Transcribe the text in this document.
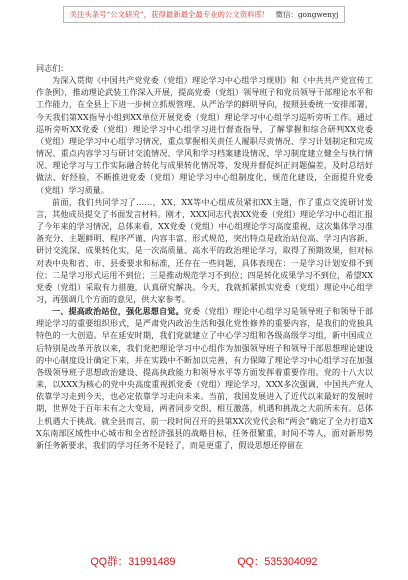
关注头条号“公文研究”，获得最新最全最专业的公文资料库！ 微信：gongwenyj

同志们：

为深入贯彻《中国共产党党委（党组）理论学习中心组学习规则》和《中共共产党宣传工作条例》，推动理论武装工作深入开展，提高党委（党组）领导班子和党员领导干部理论水平和工作能力，在全县上下进一步树立抓规管理、从严治学的鲜明导向，按照县委统一安排部署，今天我们第XX指导小组到XX单位开展党委（党组）理论学习中心组学习巡听旁听工作。通过巡听旁听XX党委（党组）理论学习中心组学习进行督查指导，了解掌握和综合研判XX党委（党组）理论学习中心组学习情况，重点掌握相关责任人履职尽责情况、学习计划制定和完成情况、重点内容学习与研讨交流情况、学风和学习档案建设情况、学习制度建立健全与执行情况、理论学习与工作实际融合转化与成果转化情况等，发现并督促纠正问题偏差，及时总结好做法、好经验，不断推进党委（党组）理论学习中心组制度化、规范化建设，全面提升党委（党组）学习质量。

前面，我们共同学习了……，XX、XX等中心组成员紧扣XX主题，作了重点交流研讨发言，其他成员提交了书面发言材料。刚才，XXX同志代表XX党委（党组）理论学习中心组汇报了今年来的学习情况，总体来看，XX党委（党组）中心组理论学习高度重视，这次集体学习准备充分、主题鲜明、程序严谨、内容丰富、形式规范，突出特点是政治站位高、学习内容新、研讨交流深、成果转化实，是一次高质量、高水平的政治理论学习，取得了预期效果，但对标对表中央和省、市、县委要求和标准，还存在一些问题，具体表现在：一是学习计划安排不到位；二是学习形式运用不到位；三是推动规范学习不到位；四是转化成果学习不到位，希望XX党委（党组）采取有力措施，认真研究解决。今天，我就抓紧抓实党委（党组）理论中心组学习，再强调几个方面的意见，供大家参考。

一、提高政治站位，强化思想自觉。党委（党组）理论中心组学习是领导班子和领导干部理论学习的重要组织形式，是严肃党内政治生活和强化党性修养的重要内容，是我们的党独具特色的一大创造。早在延安时期，我们党就建立了中心学习组和各级高级学习组，新中国成立后特别是改革开放以来，我们党把理论学习中心组作为加强领导班子和领导干部思想理论建设的中心制度设计确定下来，并在实践中不断加以完善，有力保障了理论学习中心组学习在加强各级领导班子思想政治建设、提高执政能力和领导水平等方面发挥着重要作用。党的十八大以来，以XXX为核心的党中央高度重视抓党委（党组）理论学习，XXX多次强调，中国共产党人依靠学习走到今天，也必定依靠学习走向未来。当前，我国发展进入了近代以来最好的发展时期，世界处于百年未有之大变局，两者同步交织、相互激荡，机遇和挑战之大前所未有。总体上机遇大于挑战。就全县而言，前一段时间召开的县第XX次党代会和“两会”确定了全力打造XX东南部区域性中心城市和全省经济强县的战略目标，任务很繁重，时间不等人，面对新形势新任务新要求，我们的学习任务不是轻了，而是更重了，假设思想还停留在

QQ群：31991489	QQ：535304092
